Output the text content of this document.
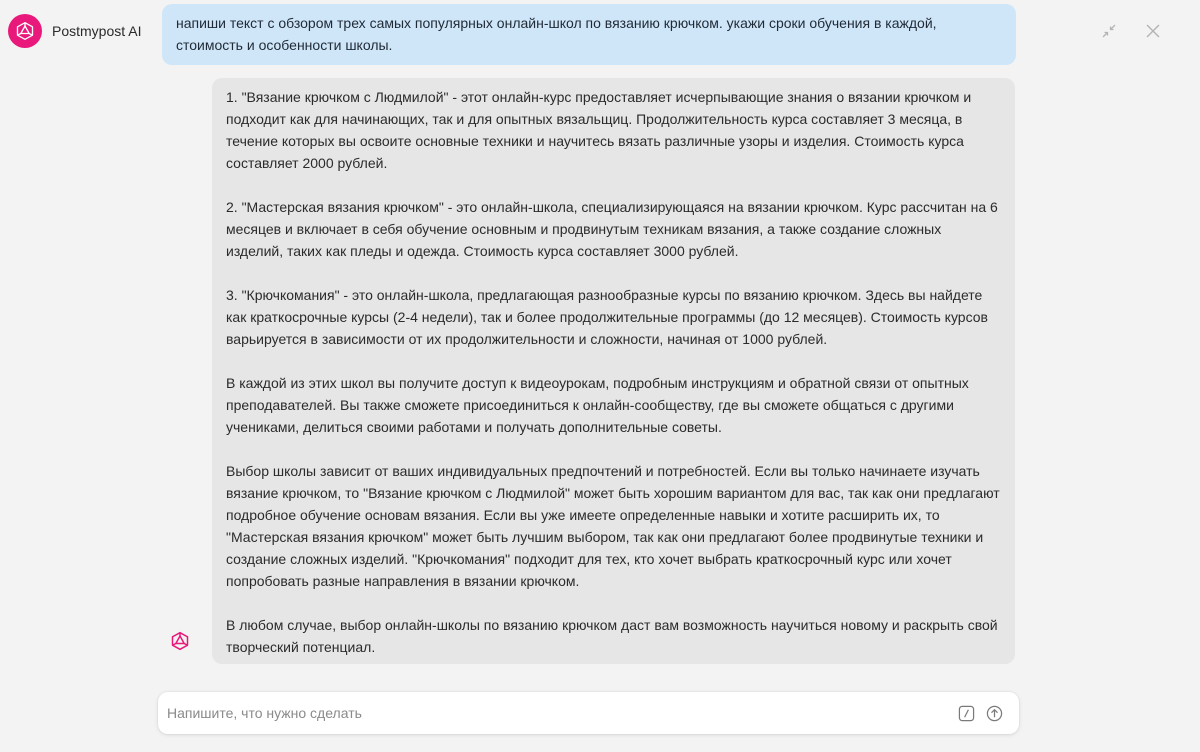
Postmypost AI	напиши текст с обзором трех самых популярных онлайн-школ по вязанию крючком. укажи сроки обучения в каждой, стоимость и особенности школы.

1. "Вязание крючком с Людмилой" - этот онлайн-курс предоставляет исчерпывающие знания о вязании крючком и подходит как для начинающих, так и для опытных вязальщиц. Продолжительность курса составляет 3 месяца, в течение которых вы освоите основные техники и научитесь вязать различные узоры и изделия. Стоимость курса составляет 2000 рублей.

2. "Мастерская вязания крючком" - это онлайн-школа, специализирующаяся на вязании крючком. Курс рассчитан на 6 месяцев и включает в себя обучение основным и продвинутым техникам вязания, а также создание сложных изделий, таких как пледы и одежда. Стоимость курса составляет 3000 рублей.

3. "Крючкомания" - это онлайн-школа, предлагающая разнообразные курсы по вязанию крючком. Здесь вы найдете как краткосрочные курсы (2-4 недели), так и более продолжительные программы (до 12 месяцев). Стоимость курсов варьируется в зависимости от их продолжительности и сложности, начиная от 1000 рублей.

В каждой из этих школ вы получите доступ к видеоурокам, подробным инструкциям и обратной связи от опытных преподавателей. Вы также сможете присоединиться к онлайн-сообществу, где вы сможете общаться с другими учениками, делиться своими работами и получать дополнительные советы.

Выбор школы зависит от ваших индивидуальных предпочтений и потребностей. Если вы только начинаете изучать вязание крючком, то "Вязание крючком с Людмилой" может быть хорошим вариантом для вас, так как они предлагают подробное обучение основам вязания. Если вы уже имеете определенные навыки и хотите расширить их, то "Мастерская вязания крючком" может быть лучшим выбором, так как они предлагают более продвинутые техники и создание сложных изделий. "Крючкомания" подходит для тех, кто хочет выбрать краткосрочный курс или хочет попробовать разные направления в вязании крючком.

В любом случае, выбор онлайн-школы по вязанию крючком даст вам возможность научиться новому и раскрыть свой творческий потенциал.

Напишите, что нужно сделать
